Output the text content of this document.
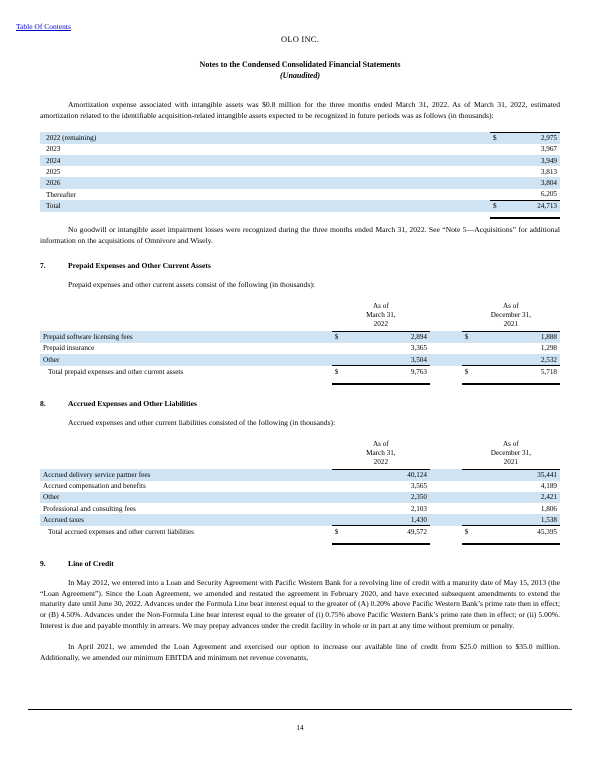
Table Of Contents
OLO INC.
Notes to the Condensed Consolidated Financial Statements
(Unaudited)

Amortization expense associated with intangible assets was $0.8 million for the three months ended March 31, 2022. As of March 31, 2022, estimated amortization related to the identifiable acquisition-related intangible assets expected to be recognized in future periods was as follows (in thousands):

2022 (remaining)		$	2,975
2023			3,967
2024			3,949
2025			3,813
2026			3,804
Thereafter			6,205
Total		$	24,713

No goodwill or intangible asset impairment losses were recognized during the three months ended March 31, 2022. See “Note 5—Acquisitions” for additional information on the acquisitions of Omnivore and Wisely.

7.	Prepaid Expenses and Other Current Assets

Prepaid expenses and other current assets consist of the following (in thousands):

		As of
March 31,
2022			As of
December 31,
2021	
Prepaid software licensing fees		$	2,894		$	1,888
Prepaid insurance			3,365			1,298
Other			3,504			2,532
Total prepaid expenses and other current assets		$	9,763		$	5,718

8.	Accrued Expenses and Other Liabilities

Accrued expenses and other current liabilities consisted of the following (in thousands):

		As of
March 31,
2022			As of
December 31,
2021	
Accrued delivery service partner fees			40,124			35,441
Accrued compensation and benefits			3,565			4,189
Other			2,350			2,421
Professional and consulting fees			2,103			1,806
Accrued taxes			1,430			1,538
Total accrued expenses and other current liabilities		$	49,572		$	45,395

9.	Line of Credit

In May 2012, we entered into a Loan and Security Agreement with Pacific Western Bank for a revolving line of credit with a maturity date of May 15, 2013 (the “Loan Agreement”). Since the Loan Agreement, we amended and restated the agreement in February 2020, and have executed subsequent amendments to extend the maturity date until June 30, 2022. Advances under the Formula Line bear interest equal to the greater of (A) 0.20% above Pacific Western Bank’s prime rate then in effect; or (B) 4.50%. Advances under the Non-Formula Line bear interest equal to the greater of (i) 0.75% above Pacific Western Bank’s prime rate then in effect; or (ii) 5.00%. Interest is due and payable monthly in arrears. We may prepay advances under the credit facility in whole or in part at any time without premium or penalty.

In April 2021, we amended the Loan Agreement and exercised our option to increase our available line of credit from $25.0 million to $35.0 million. Additionally, we amended our minimum EBITDA and minimum net revenue covenants,

14
